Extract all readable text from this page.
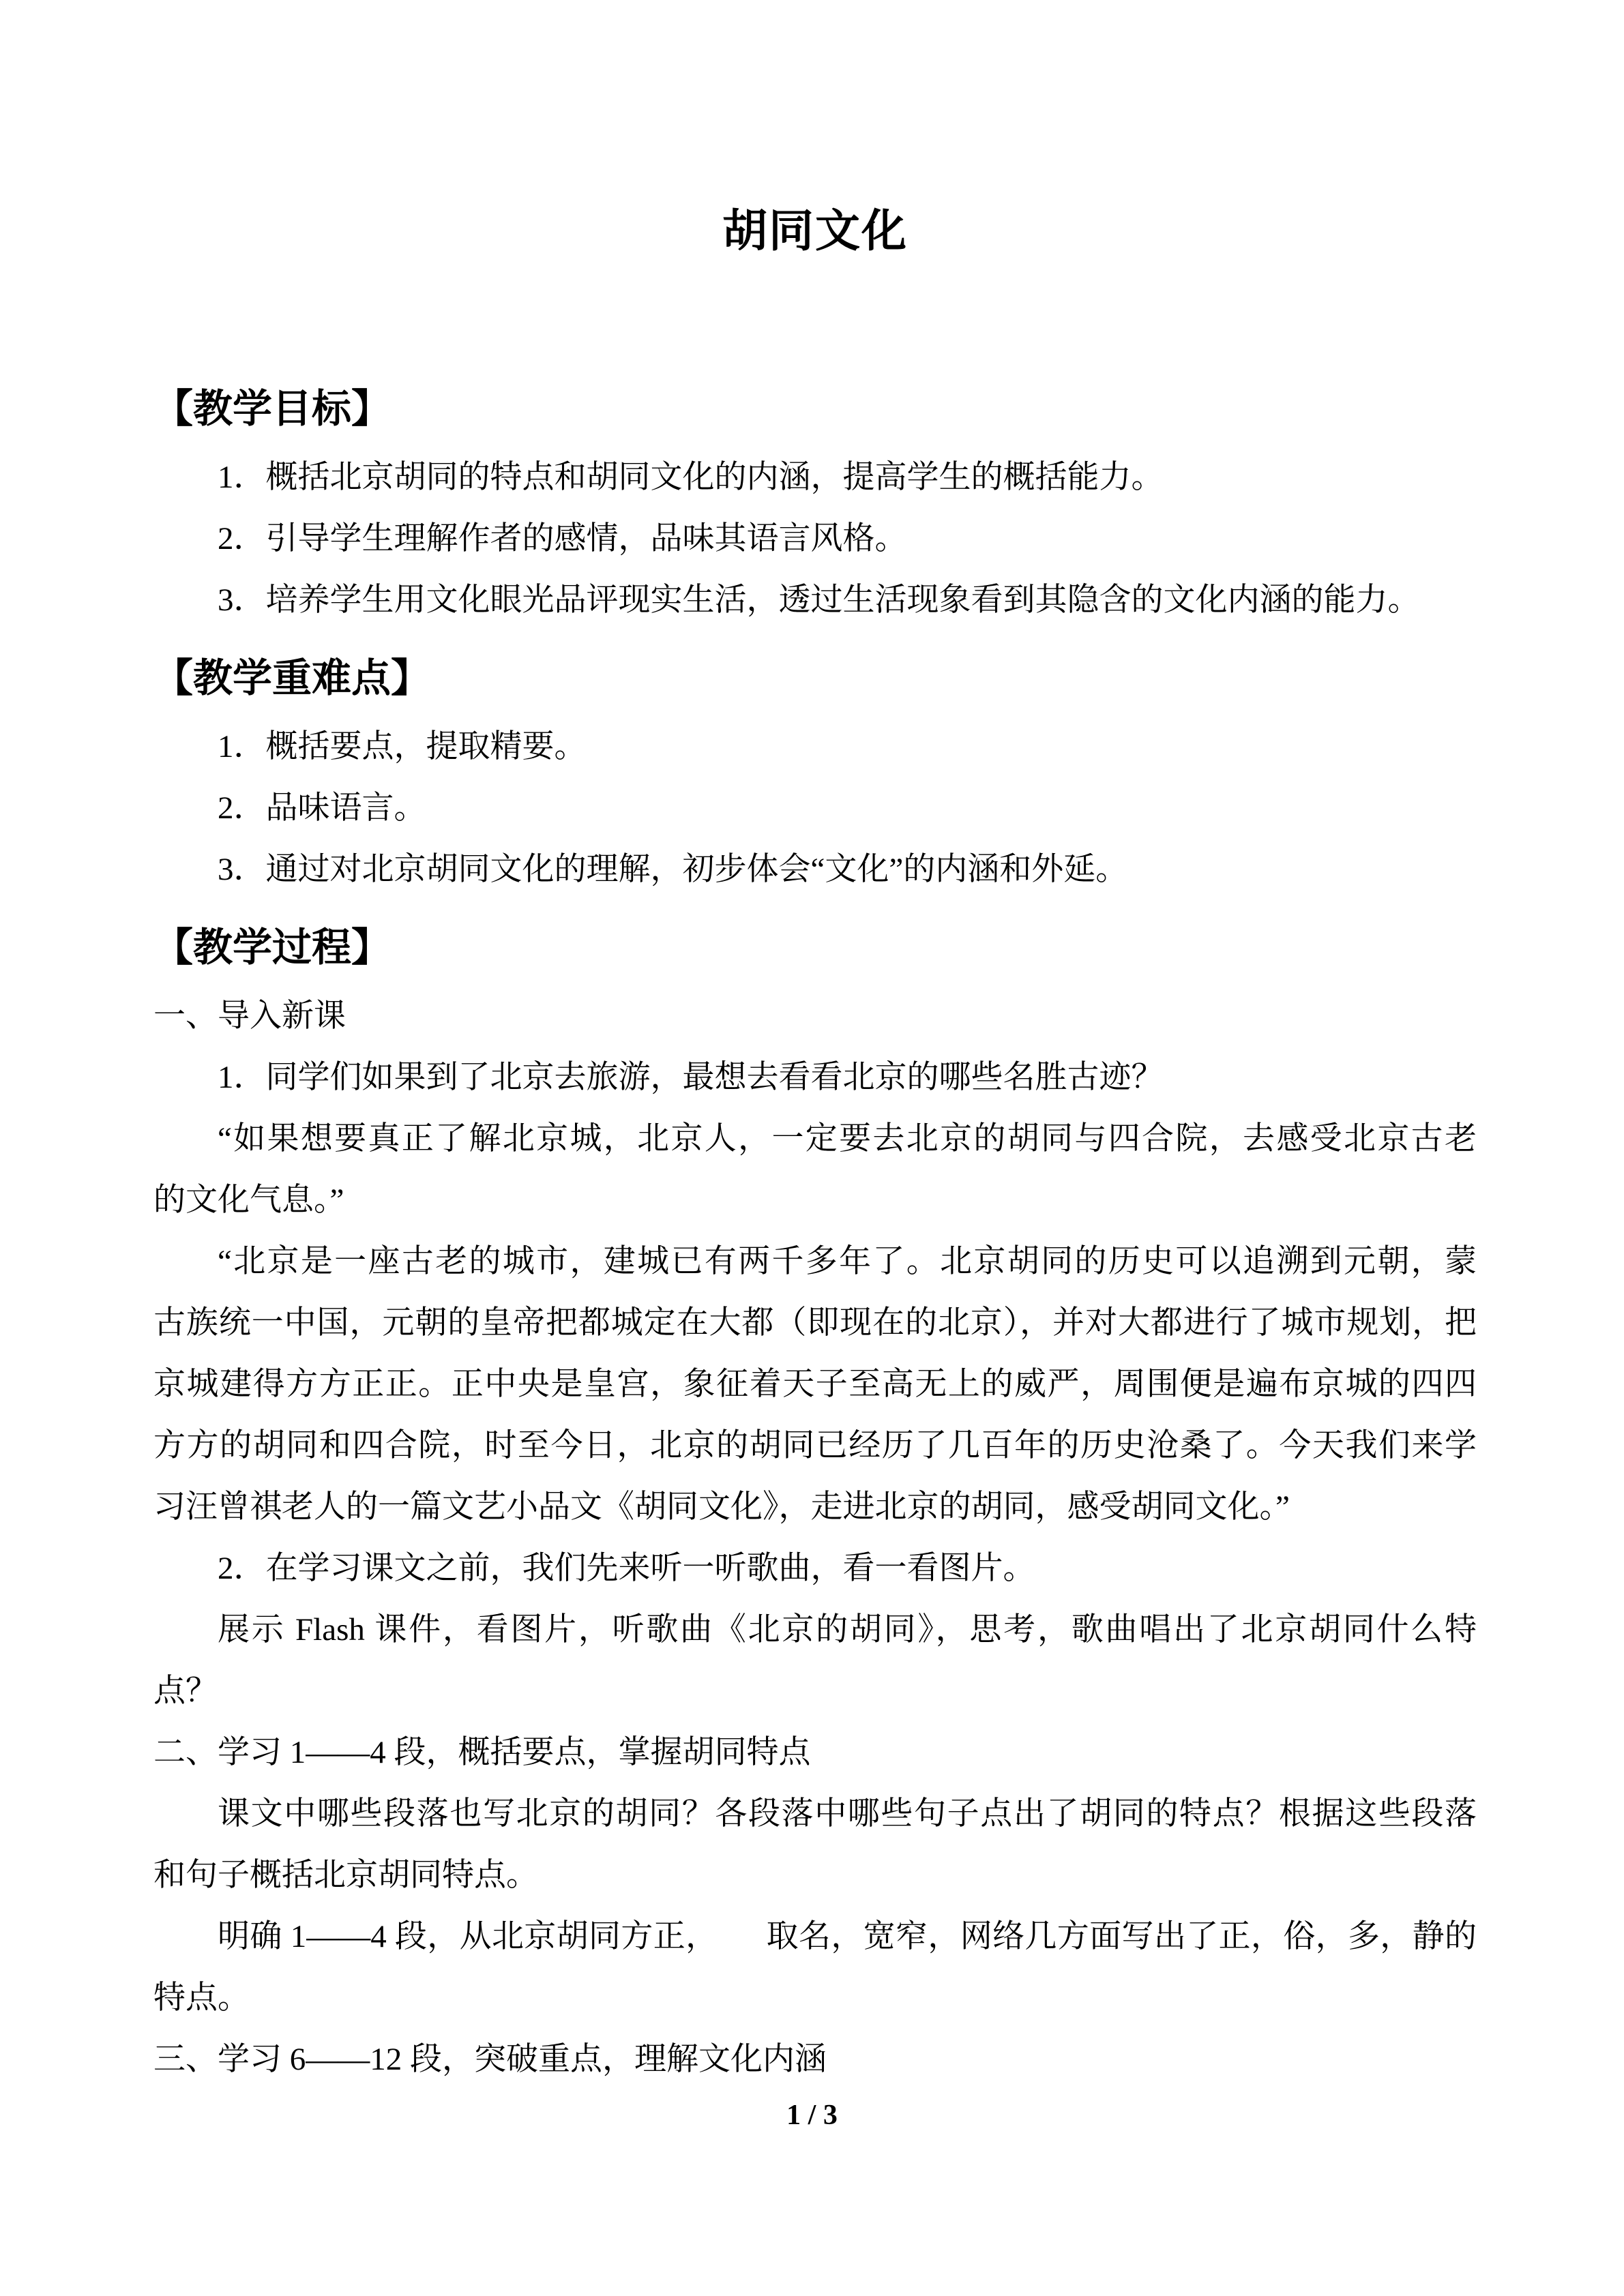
胡同文化
【教学目标】
1．概括北京胡同的特点和胡同文化的内涵，提高学生的概括能力。
2．引导学生理解作者的感情，品味其语言风格。
3．培养学生用文化眼光品评现实生活，透过生活现象看到其隐含的文化内涵的能力。
【教学重难点】
1．概括要点，提取精要。
2．品味语言。
3．通过对北京胡同文化的理解，初步体会“文化”的内涵和外延。
【教学过程】
一、导入新课
1．同学们如果到了北京去旅游，最想去看看北京的哪些名胜古迹？
“如果想要真正了解北京城，北京人，一定要去北京的胡同与四合院，去感受北京古老
的文化气息。”
“北京是一座古老的城市，建城已有两千多年了。北京胡同的历史可以追溯到元朝，蒙
古族统一中国，元朝的皇帝把都城定在大都（即现在的北京），并对大都进行了城市规划，把
京城建得方方正正。正中央是皇宫，象征着天子至高无上的威严，周围便是遍布京城的四四
方方的胡同和四合院，时至今日，北京的胡同已经历了几百年的历史沧桑了。今天我们来学
习汪曾祺老人的一篇文艺小品文《胡同文化》，走进北京的胡同，感受胡同文化。”
2．在学习课文之前，我们先来听一听歌曲，看一看图片。
展示 Flash 课件，看图片，听歌曲《北京的胡同》，思考，歌曲唱出了北京胡同什么特
点？
二、学习 1——4 段，概括要点，掌握胡同特点
课文中哪些段落也写北京的胡同？各段落中哪些句子点出了胡同的特点？根据这些段落
和句子概括北京胡同特点。
明确 1——4 段，从北京胡同方正，　　取名，宽窄，网络几方面写出了正，俗，多，静的
特点。
三、学习 6——12 段，突破重点，理解文化内涵
1 / 3
